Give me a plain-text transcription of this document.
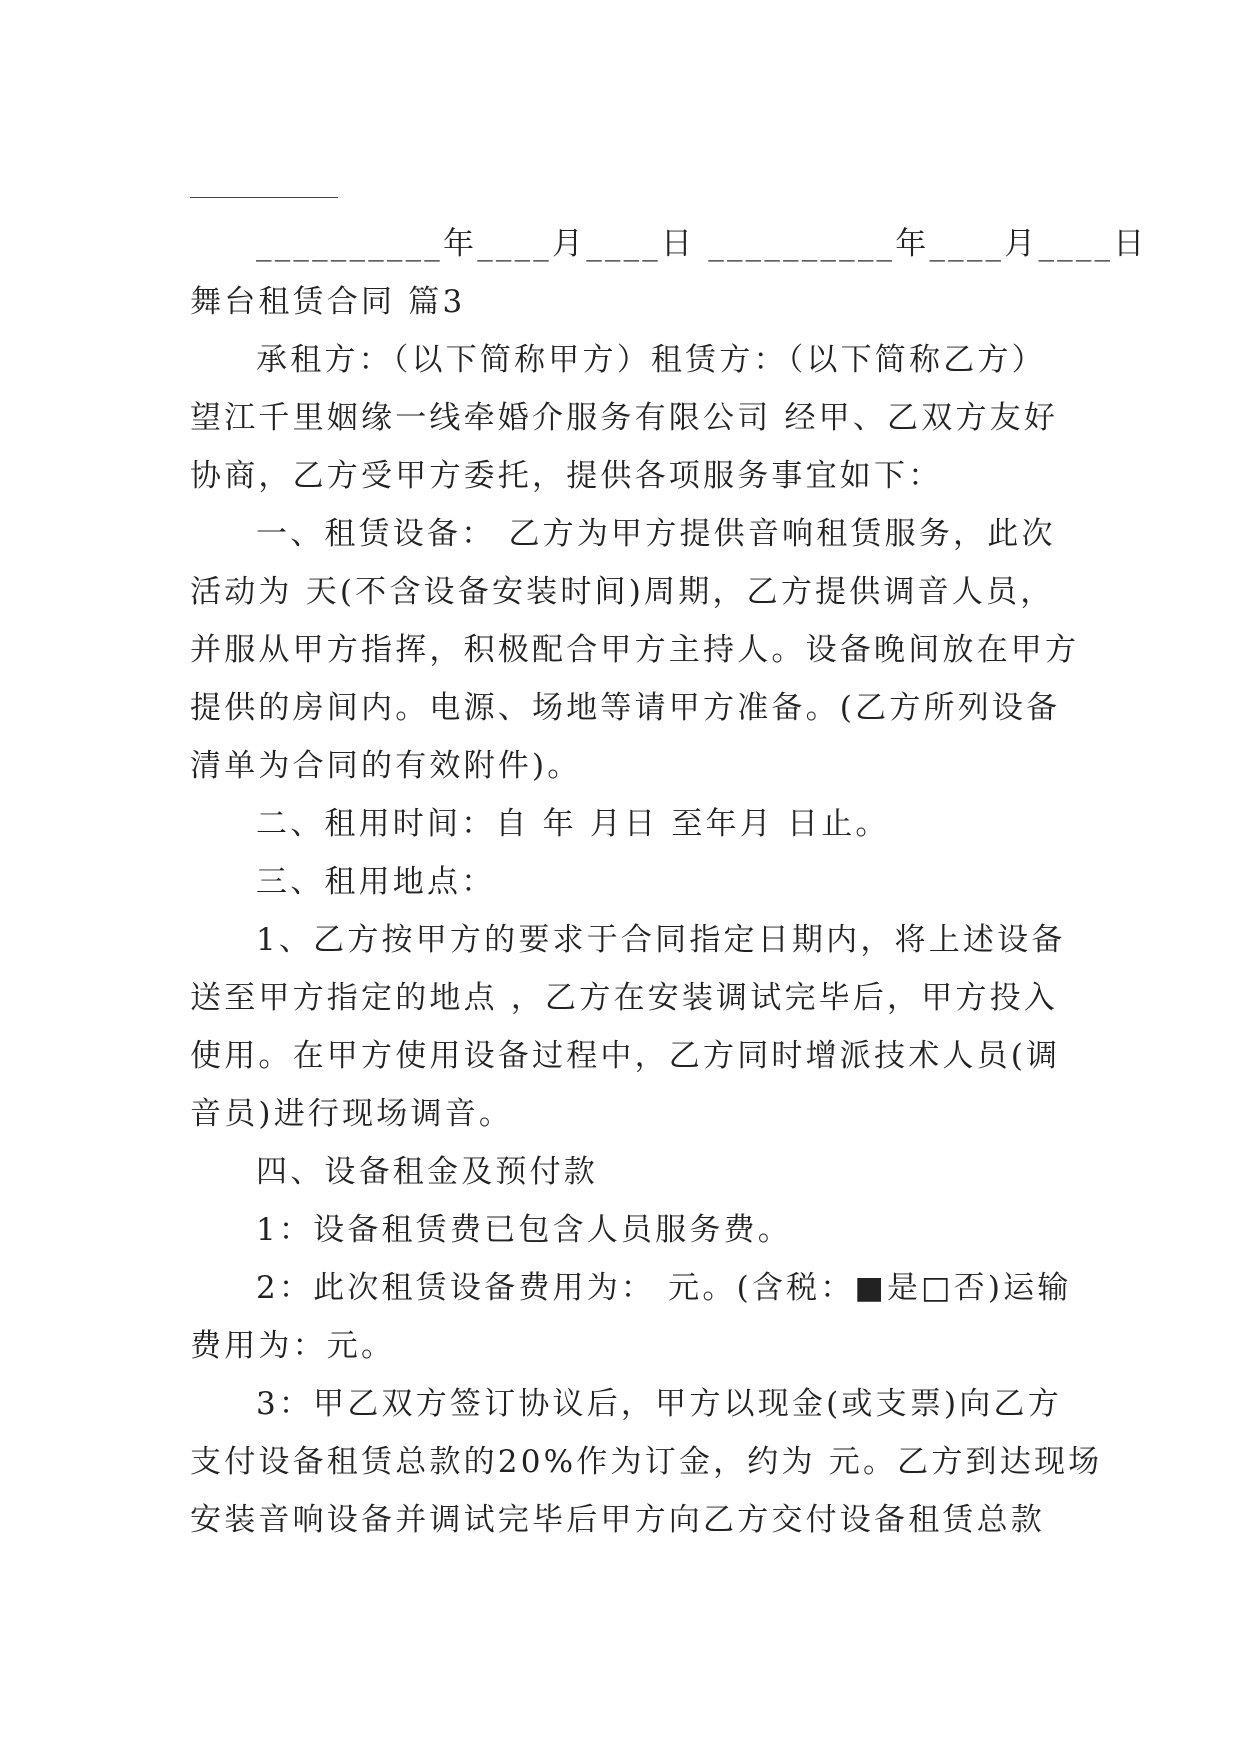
__________年____月____日 __________年____月____日
舞台租赁合同 篇3
承租方：（以下简称甲方）租赁方：（以下简称乙方）
望江千里姻缘一线牵婚介服务有限公司 经甲、乙双方友好
协商，乙方受甲方委托，提供各项服务事宜如下：
一、租赁设备： 乙方为甲方提供音响租赁服务，此次
活动为 天(不含设备安装时间)周期，乙方提供调音人员，
并服从甲方指挥，积极配合甲方主持人。设备晚间放在甲方
提供的房间内。电源、场地等请甲方准备。(乙方所列设备
清单为合同的有效附件)。
二、租用时间：自 年 月日 至年月 日止。
三、租用地点：
1、乙方按甲方的要求于合同指定日期内，将上述设备
送至甲方指定的地点 ，乙方在安装调试完毕后，甲方投入
使用。在甲方使用设备过程中，乙方同时增派技术人员(调
音员)进行现场调音。
四、设备租金及预付款
1：设备租赁费已包含人员服务费。
2：此次租赁设备费用为： 元。(含税：■是□否)运输
费用为：元。
3：甲乙双方签订协议后，甲方以现金(或支票)向乙方
支付设备租赁总款的20%作为订金，约为 元。乙方到达现场
安装音响设备并调试完毕后甲方向乙方交付设备租赁总款
